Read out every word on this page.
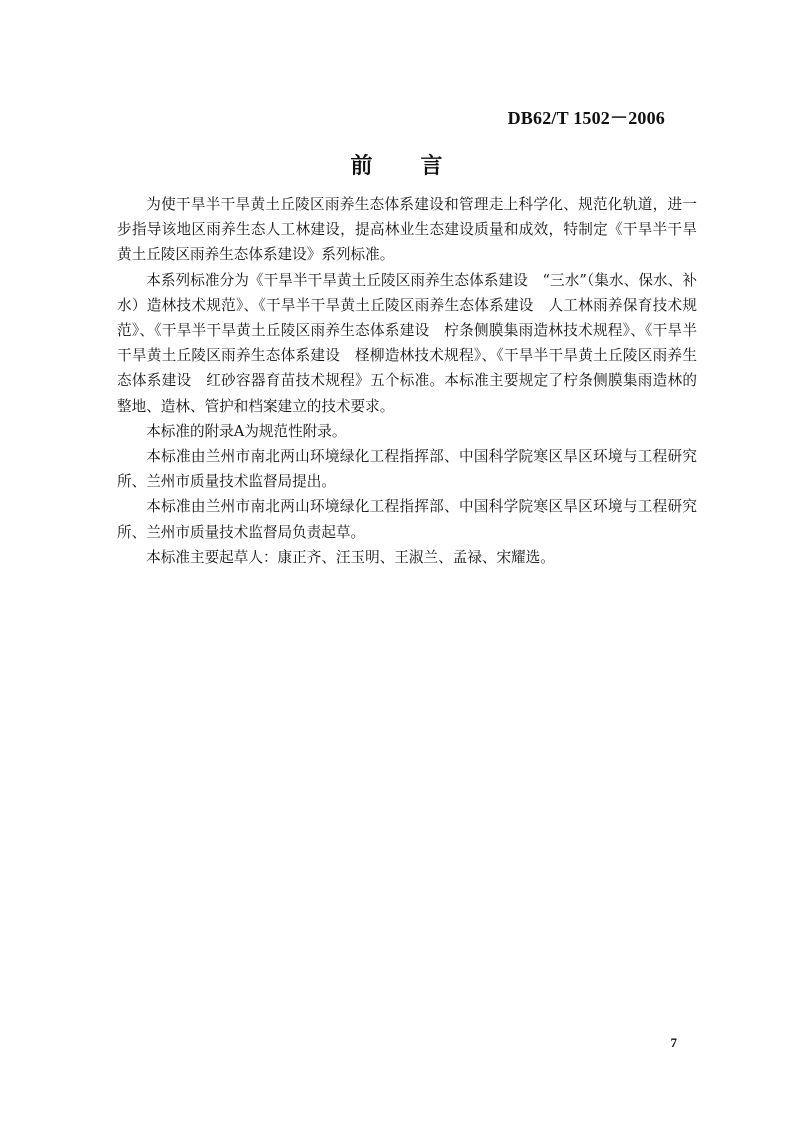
DB62/T 1502－2006
前 言

为使干旱半干旱黄土丘陵区雨养生态体系建设和管理走上科学化、规范化轨道，进一步指导该地区雨养生态人工林建设，提高林业生态建设质量和成效，特制定《干旱半干旱黄土丘陵区雨养生态体系建设》系列标准。

本系列标准分为《干旱半干旱黄土丘陵区雨养生态体系建设　“三水”（集水、保水、补水）造林技术规范》、《干旱半干旱黄土丘陵区雨养生态体系建设　人工林雨养保育技术规范》、《干旱半干旱黄土丘陵区雨养生态体系建设　柠条侧膜集雨造林技术规程》、《干旱半干旱黄土丘陵区雨养生态体系建设　柽柳造林技术规程》、《干旱半干旱黄土丘陵区雨养生态体系建设　红砂容器育苗技术规程》五个标准。本标准主要规定了柠条侧膜集雨造林的整地、造林、管护和档案建立的技术要求。

本标准的附录A为规范性附录。

本标准由兰州市南北两山环境绿化工程指挥部、中国科学院寒区旱区环境与工程研究所、兰州市质量技术监督局提出。

本标准由兰州市南北两山环境绿化工程指挥部、中国科学院寒区旱区环境与工程研究所、兰州市质量技术监督局负责起草。

本标准主要起草人：康正齐、汪玉明、王淑兰、孟禄、宋耀选。

7
